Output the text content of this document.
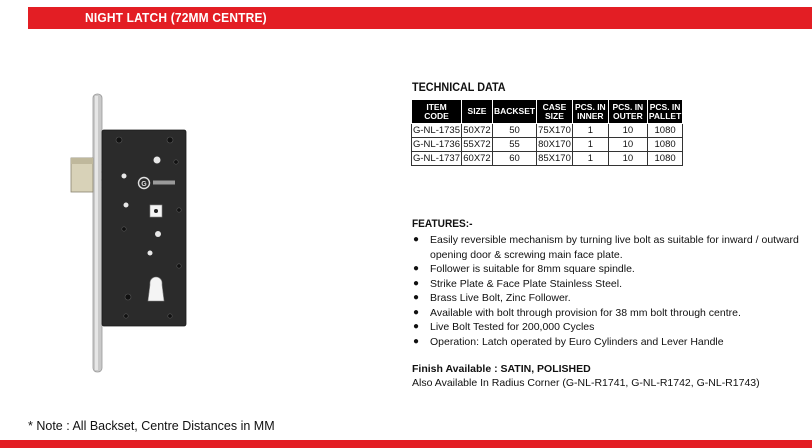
NIGHT LATCH (72MM CENTRE)
G
TECHNICAL DATA
ITEM CODE	SIZE	BACKSET	CASE SIZE	PCS. IN INNER	PCS. IN OUTER	PCS. IN PALLET
G-NL-1735	50X72	50	75X170	1	10	1080
G-NL-1736	55X72	55	80X170	1	10	1080
G-NL-1737	60X72	60	85X170	1	10	1080
FEATURES:-
● Easily reversible mechanism by turning live bolt as suitable for inward / outward opening door & screwing main face plate.
● Follower is suitable for 8mm square spindle.
● Strike Plate & Face Plate Stainless Steel.
● Brass Live Bolt, Zinc Follower.
● Available with bolt through provision for 38 mm bolt through centre.
● Live Bolt Tested for 200,000 Cycles
● Operation: Latch operated by Euro Cylinders and Lever Handle
Finish Available : SATIN, POLISHED
Also Available In Radius Corner (G-NL-R1741, G-NL-R1742, G-NL-R1743)
* Note : All Backset, Centre Distances in MM
